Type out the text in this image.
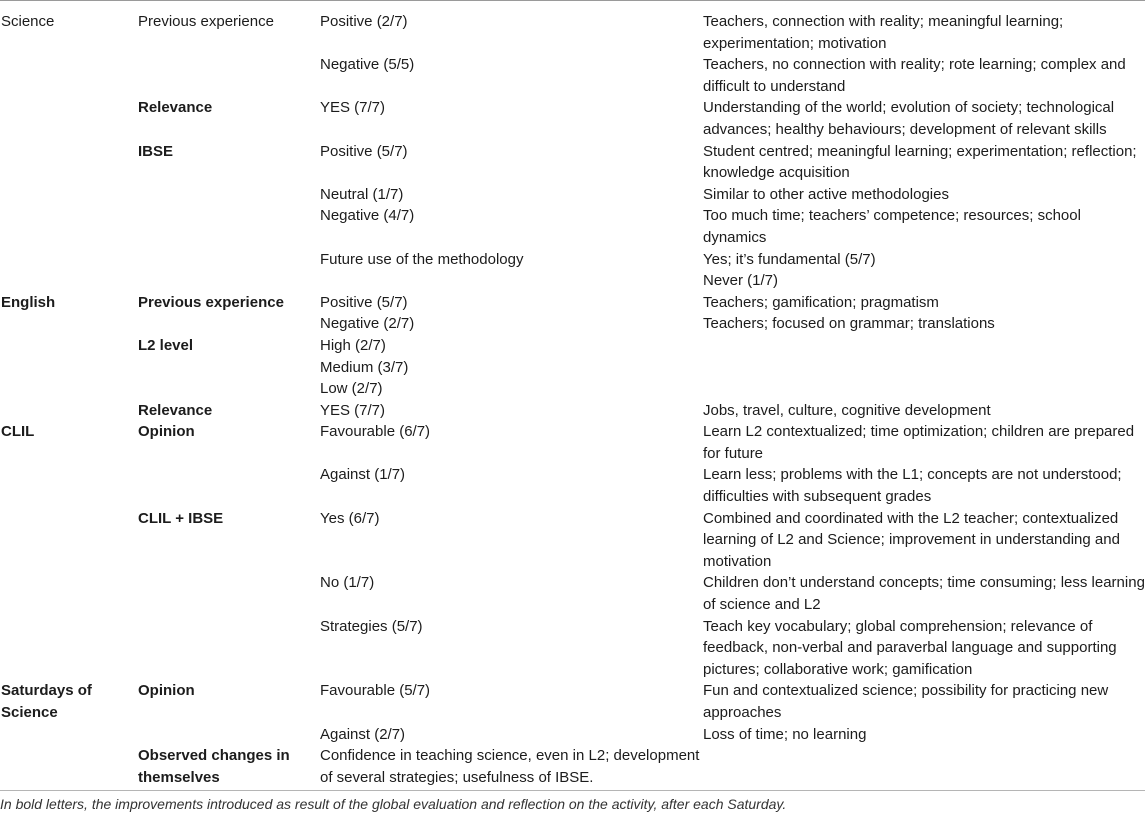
Science	Previous experience	Positive (2/7)	Teachers, connection with reality; meaningful learning; experimentation; motivation
		Negative (5/5)	Teachers, no connection with reality; rote learning; complex and difficult to understand
	Relevance	YES (7/7)	Understanding of the world; evolution of society; technological advances; healthy behaviours; development of relevant skills
	IBSE	Positive (5/7)	Student centred; meaningful learning; experimentation; reflection; knowledge acquisition
		Neutral (1/7)	Similar to other active methodologies
		Negative (4/7)	Too much time; teachers’ competence; resources; school dynamics
		Future use of the methodology	Yes; it’s fundamental (5/7)
			Never (1/7)
English	Previous experience	Positive (5/7)	Teachers; gamification; pragmatism
		Negative (2/7)	Teachers; focused on grammar; translations
	L2 level	High (2/7)	
		Medium (3/7)	
		Low (2/7)	
	Relevance	YES (7/7)	Jobs, travel, culture, cognitive development
CLIL	Opinion	Favourable (6/7)	Learn L2 contextualized; time optimization; children are prepared for future
		Against (1/7)	Learn less; problems with the L1; concepts are not understood; difficulties with subsequent grades
	CLIL + IBSE	Yes (6/7)	Combined and coordinated with the L2 teacher; contextualized learning of L2 and Science; improvement in understanding and motivation
		No (1/7)	Children don’t understand concepts; time consuming; less learning of science and L2
		Strategies (5/7)	Teach key vocabulary; global comprehension; relevance of feedback, non-verbal and paraverbal language and supporting pictures; collaborative work; gamification
Saturdays of Science	Opinion	Favourable (5/7)	Fun and contextualized science; possibility for practicing new approaches
		Against (2/7)	Loss of time; no learning
	Observed changes in themselves	Confidence in teaching science, even in L2; development of several strategies; usefulness of IBSE.	
In bold letters, the improvements introduced as result of the global evaluation and reflection on the activity, after each Saturday.
